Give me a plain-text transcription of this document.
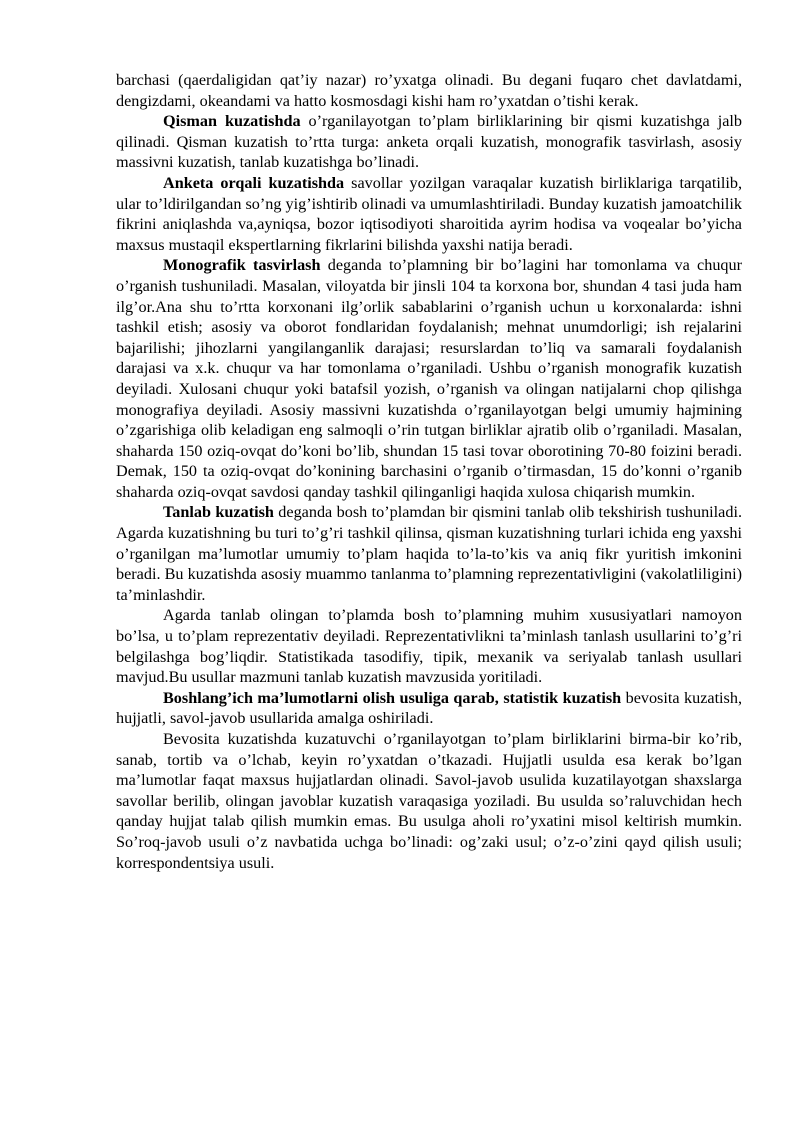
barchasi (qaerdaligidan qat’iy nazar) ro’yxatga olinadi. Bu degani fuqaro chet davlatdami, dengizdami, okeandami va hatto kosmosdagi kishi ham ro’yxatdan o’tishi kerak.

Qisman kuzatishda o’rganilayotgan to’plam birliklarining bir qismi kuzatishga jalb qilinadi. Qisman kuzatish to’rtta turga: anketa orqali kuzatish, monografik tasvirlash, asosiy massivni kuzatish, tanlab kuzatishga bo’linadi.

Anketa orqali kuzatishda savollar yozilgan varaqalar kuzatish birliklariga tarqatilib, ular to’ldirilgandan so’ng yig’ishtirib olinadi va umumlashtiriladi. Bunday kuzatish jamoatchilik fikrini aniqlashda va,ayniqsa, bozor iqtisodiyoti sharoitida ayrim hodisa va voqealar bo’yicha maxsus mustaqil ekspertlarning fikrlarini bilishda yaxshi natija beradi.

Monografik tasvirlash deganda to’plamning bir bo’lagini har tomonlama va chuqur o’rganish tushuniladi. Masalan, viloyatda bir jinsli 104 ta korxona bor, shundan 4 tasi juda ham ilg’or.Ana shu to’rtta korxonani ilg’orlik sabablarini o’rganish uchun u korxonalarda: ishni tashkil etish; asosiy va oborot fondlaridan foydalanish; mehnat unumdorligi; ish rejalarini bajarilishi; jihozlarni yangilanganlik darajasi; resurslardan to’liq va samarali foydalanish darajasi va x.k. chuqur va har tomonlama o’rganiladi. Ushbu o’rganish monografik kuzatish deyiladi. Xulosani chuqur yoki batafsil yozish, o’rganish va olingan natijalarni chop qilishga monografiya deyiladi. Asosiy massivni kuzatishda o’rganilayotgan belgi umumiy hajmining o’zgarishiga olib keladigan eng salmoqli o’rin tutgan birliklar ajratib olib o’rganiladi. Masalan, shaharda 150 oziq-ovqat do’koni bo’lib, shundan 15 tasi tovar oborotining 70-80 foizini beradi. Demak, 150 ta oziq-ovqat do’konining barchasini o’rganib o’tirmasdan, 15 do’konni o’rganib shaharda oziq-ovqat savdosi qanday tashkil qilinganligi haqida xulosa chiqarish mumkin.

Tanlab kuzatish deganda bosh to’plamdan bir qismini tanlab olib tekshirish tushuniladi. Agarda kuzatishning bu turi to’g’ri tashkil qilinsa, qisman kuzatishning turlari ichida eng yaxshi o’rganilgan ma’lumotlar umumiy to’plam haqida to’la-to’kis va aniq fikr yuritish imkonini beradi. Bu kuzatishda asosiy muammo tanlanma to’plamning reprezentativligini (vakolatliligini) ta’minlashdir.

Agarda tanlab olingan to’plamda bosh to’plamning muhim xususiyatlari namoyon bo’lsa, u to’plam reprezentativ deyiladi. Reprezentativlikni ta’minlash tanlash usullarini to’g’ri belgilashga bog’liqdir. Statistikada tasodifiy, tipik, mexanik va seriyalab tanlash usullari mavjud.Bu usullar mazmuni tanlab kuzatish mavzusida yoritiladi.

Boshlang’ich ma’lumotlarni olish usuliga qarab, statistik kuzatish bevosita kuzatish, hujjatli, savol-javob usullarida amalga oshiriladi.

Bevosita kuzatishda kuzatuvchi o’rganilayotgan to’plam birliklarini birma-bir ko’rib, sanab, tortib va o’lchab, keyin ro’yxatdan o’tkazadi. Hujjatli usulda esa kerak bo’lgan ma’lumotlar faqat maxsus hujjatlardan olinadi. Savol-javob usulida kuzatilayotgan shaxslarga savollar berilib, olingan javoblar kuzatish varaqasiga yoziladi. Bu usulda so’raluvchidan hech qanday hujjat talab qilish mumkin emas. Bu usulga aholi ro’yxatini misol keltirish mumkin. So’roq-javob usuli o’z navbatida uchga bo’linadi: og’zaki usul; o’z-o’zini qayd qilish usuli; korrespondentsiya usuli.
